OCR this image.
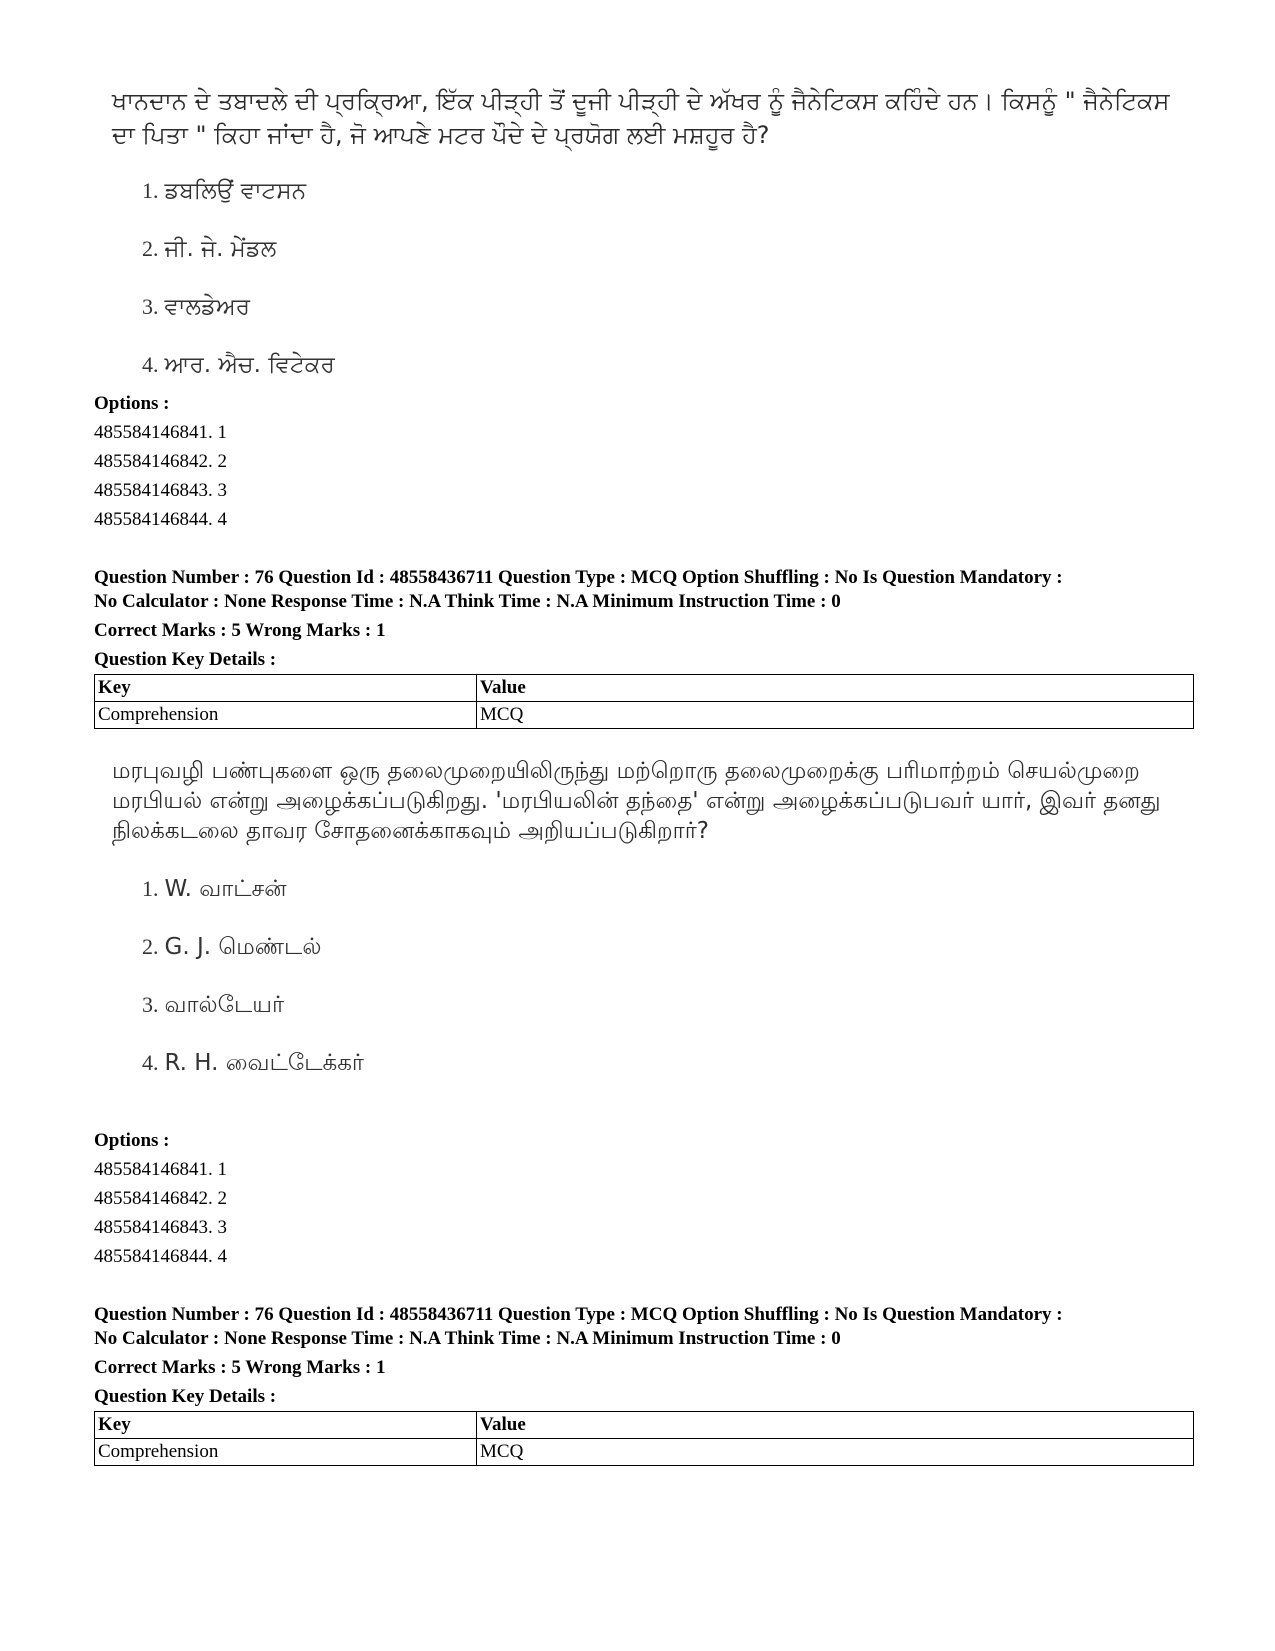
ਖਾਨਦਾਨ ਦੇ ਤਬਾਦਲੇ ਦੀ ਪ੍ਰਕ੍ਰਿਆ, ਇੱਕ ਪੀੜ੍ਹੀ ਤੋਂ ਦੂਜੀ ਪੀੜ੍ਹੀ ਦੇ ਅੱਖਰ ਨੂੰ ਜੈਨੇਟਿਕਸ ਕਹਿੰਦੇ ਹਨ। ਕਿਸਨੂੰ " ਜੈਨੇਟਿਕਸ ਦਾ ਪਿਤਾ " ਕਿਹਾ ਜਾਂਦਾ ਹੈ, ਜੋ ਆਪਣੇ ਮਟਰ ਪੌਦੇ ਦੇ ਪ੍ਰਯੋਗ ਲਈ ਮਸ਼ਹੂਰ ਹੈ?

1. ਡਬਲਿਉਂ ਵਾਟਸਨ
2. ਜੀ. ਜੇ. ਮੇਂਡਲ
3. ਵਾਲਡੇਅਰ
4. ਆਰ. ਐਚ. ਵਿਟੇਕਰ
Options :
485584146841. 1
485584146842. 2
485584146843. 3
485584146844. 4
Question Number : 76 Question Id : 48558436711 Question Type : MCQ Option Shuffling : No Is Question Mandatory :
No Calculator : None Response Time : N.A Think Time : N.A Minimum Instruction Time : 0
Correct Marks : 5 Wrong Marks : 1
Question Key Details :
Key	Value
Comprehension	MCQ

மரபுவழி பண்புகளை ஒரு தலைமுறையிலிருந்து மற்றொரு தலைமுறைக்கு பரிமாற்றம் செயல்முறை மரபியல் என்று அழைக்கப்படுகிறது. 'மரபியலின் தந்தை' என்று அழைக்கப்படுபவர் யார், இவர் தனது நிலக்கடலை தாவர சோதனைக்காகவும் அறியப்படுகிறார்?

1. W. வாட்சன்
2. G. J. மெண்டல்
3. வால்டேயர்
4. R. H. வைட்டேக்கர்
Options :
485584146841. 1
485584146842. 2
485584146843. 3
485584146844. 4
Question Number : 76 Question Id : 48558436711 Question Type : MCQ Option Shuffling : No Is Question Mandatory :
No Calculator : None Response Time : N.A Think Time : N.A Minimum Instruction Time : 0
Correct Marks : 5 Wrong Marks : 1
Question Key Details :
Key	Value
Comprehension	MCQ
